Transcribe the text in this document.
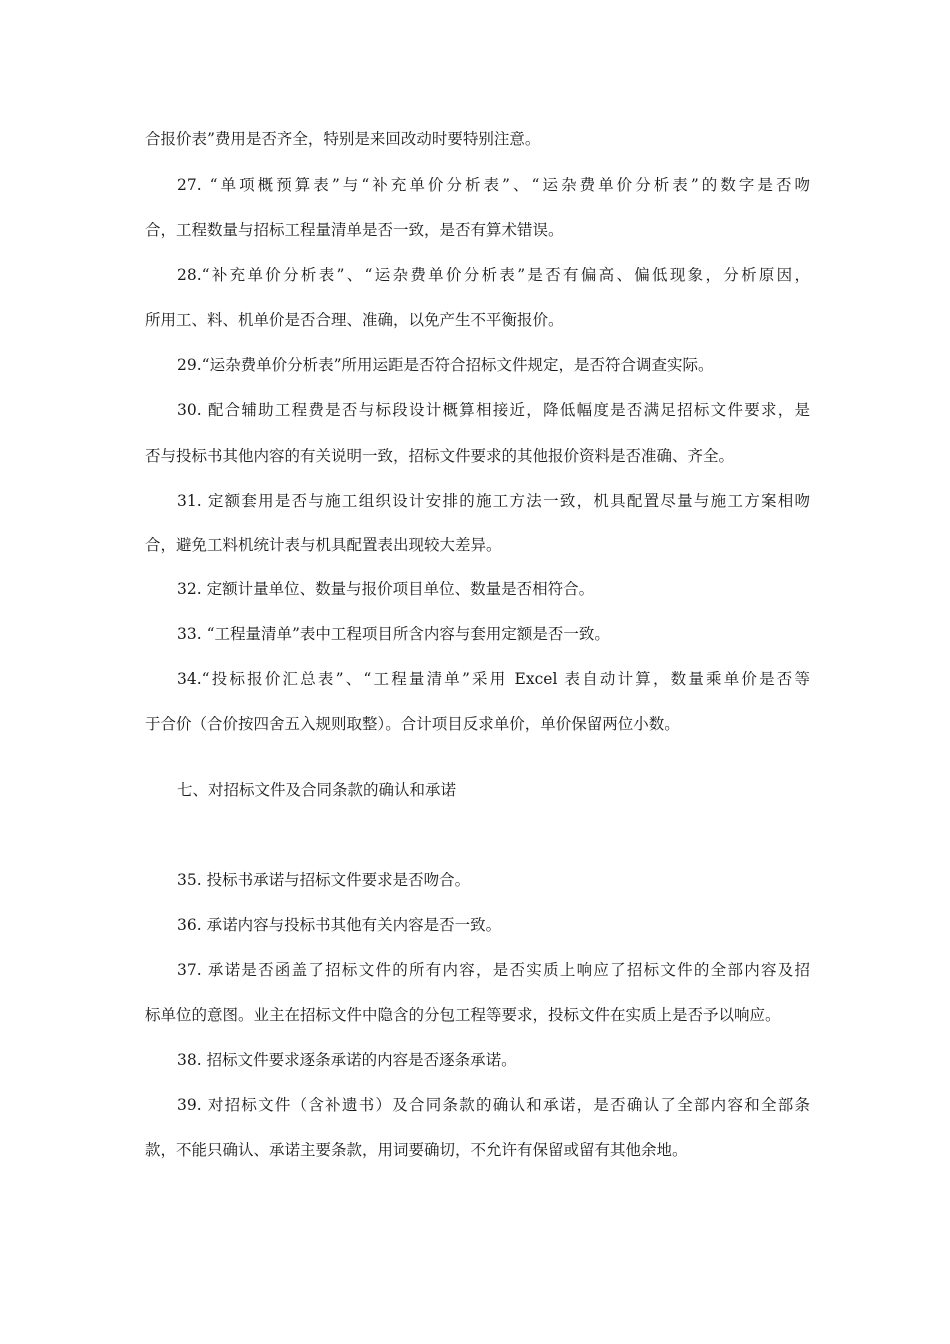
合报价表”费用是否齐全，特别是来回改动时要特别注意。
27. “单项概预算表”与“补充单价分析表”、“运杂费单价分析表”的数字是否吻
合，工程数量与招标工程量清单是否一致，是否有算术错误。
28.“补充单价分析表”、“运杂费单价分析表”是否有偏高、偏低现象，分析原因，
所用工、料、机单价是否合理、准确，以免产生不平衡报价。
29.“运杂费单价分析表”所用运距是否符合招标文件规定，是否符合调查实际。
30. 配合辅助工程费是否与标段设计概算相接近，降低幅度是否满足招标文件要求，是
否与投标书其他内容的有关说明一致，招标文件要求的其他报价资料是否准确、齐全。
31. 定额套用是否与施工组织设计安排的施工方法一致，机具配置尽量与施工方案相吻
合，避免工料机统计表与机具配置表出现较大差异。
32. 定额计量单位、数量与报价项目单位、数量是否相符合。
33. “工程量清单”表中工程项目所含内容与套用定额是否一致。
34.“投标报价汇总表”、“工程量清单”采用 Excel 表自动计算，数量乘单价是否等
于合价（合价按四舍五入规则取整）。合计项目反求单价，单价保留两位小数。
七、对招标文件及合同条款的确认和承诺
35. 投标书承诺与招标文件要求是否吻合。
36. 承诺内容与投标书其他有关内容是否一致。
37. 承诺是否函盖了招标文件的所有内容，是否实质上响应了招标文件的全部内容及招
标单位的意图。业主在招标文件中隐含的分包工程等要求，投标文件在实质上是否予以响应。
38. 招标文件要求逐条承诺的内容是否逐条承诺。
39. 对招标文件（含补遗书）及合同条款的确认和承诺，是否确认了全部内容和全部条
款，不能只确认、承诺主要条款，用词要确切，不允许有保留或留有其他余地。
